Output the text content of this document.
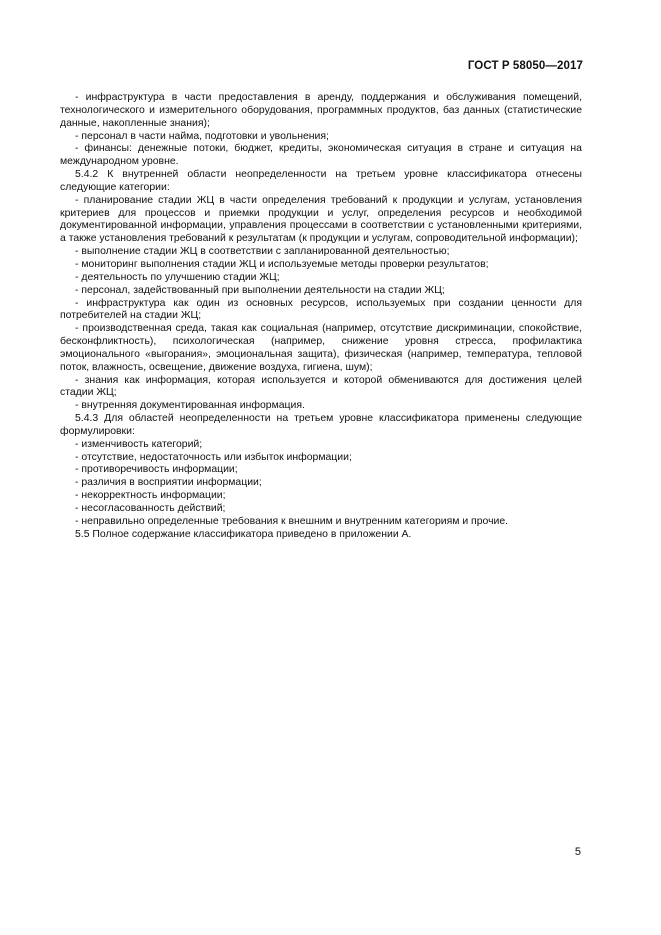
ГОСТ Р 58050—2017

- инфраструктура в части предоставления в аренду, поддержания и обслуживания помещений, технологического и измерительного оборудования, программных продуктов, баз данных (статистические данные, накопленные знания);

- персонал в части найма, подготовки и увольнения;

- финансы: денежные потоки, бюджет, кредиты, экономическая ситуация в стране и ситуация на международном уровне.

5.4.2 К внутренней области неопределенности на третьем уровне классификатора отнесены следующие категории:

- планирование стадии ЖЦ в части определения требований к продукции и услугам, установления критериев для процессов и приемки продукции и услуг, определения ресурсов и необходимой документированной информации, управления процессами в соответствии с установленными критериями, а также установления требований к результатам (к продукции и услугам, сопроводительной информации);

- выполнение стадии ЖЦ в соответствии с запланированной деятельностью;

- мониторинг выполнения стадии ЖЦ и используемые методы проверки результатов;

- деятельность по улучшению стадии ЖЦ;

- персонал, задействованный при выполнении деятельности на стадии ЖЦ;

- инфраструктура как один из основных ресурсов, используемых при создании ценности для потребителей на стадии ЖЦ;

- производственная среда, такая как социальная (например, отсутствие дискриминации, спокойствие, бесконфликтность), психологическая (например, снижение уровня стресса, профилактика эмоционального «выгорания», эмоциональная защита), физическая (например, температура, тепловой поток, влажность, освещение, движение воздуха, гигиена, шум);

- знания как информация, которая используется и которой обмениваются для достижения целей стадии ЖЦ;

- внутренняя документированная информация.

5.4.3 Для областей неопределенности на третьем уровне классификатора применены следующие формулировки:

- изменчивость категорий;

- отсутствие, недостаточность или избыток информации;

- противоречивость информации;

- различия в восприятии информации;

- некорректность информации;

- несогласованность действий;

- неправильно определенные требования к внешним и внутренним категориям и прочие.

5.5 Полное содержание классификатора приведено в приложении А.

5
